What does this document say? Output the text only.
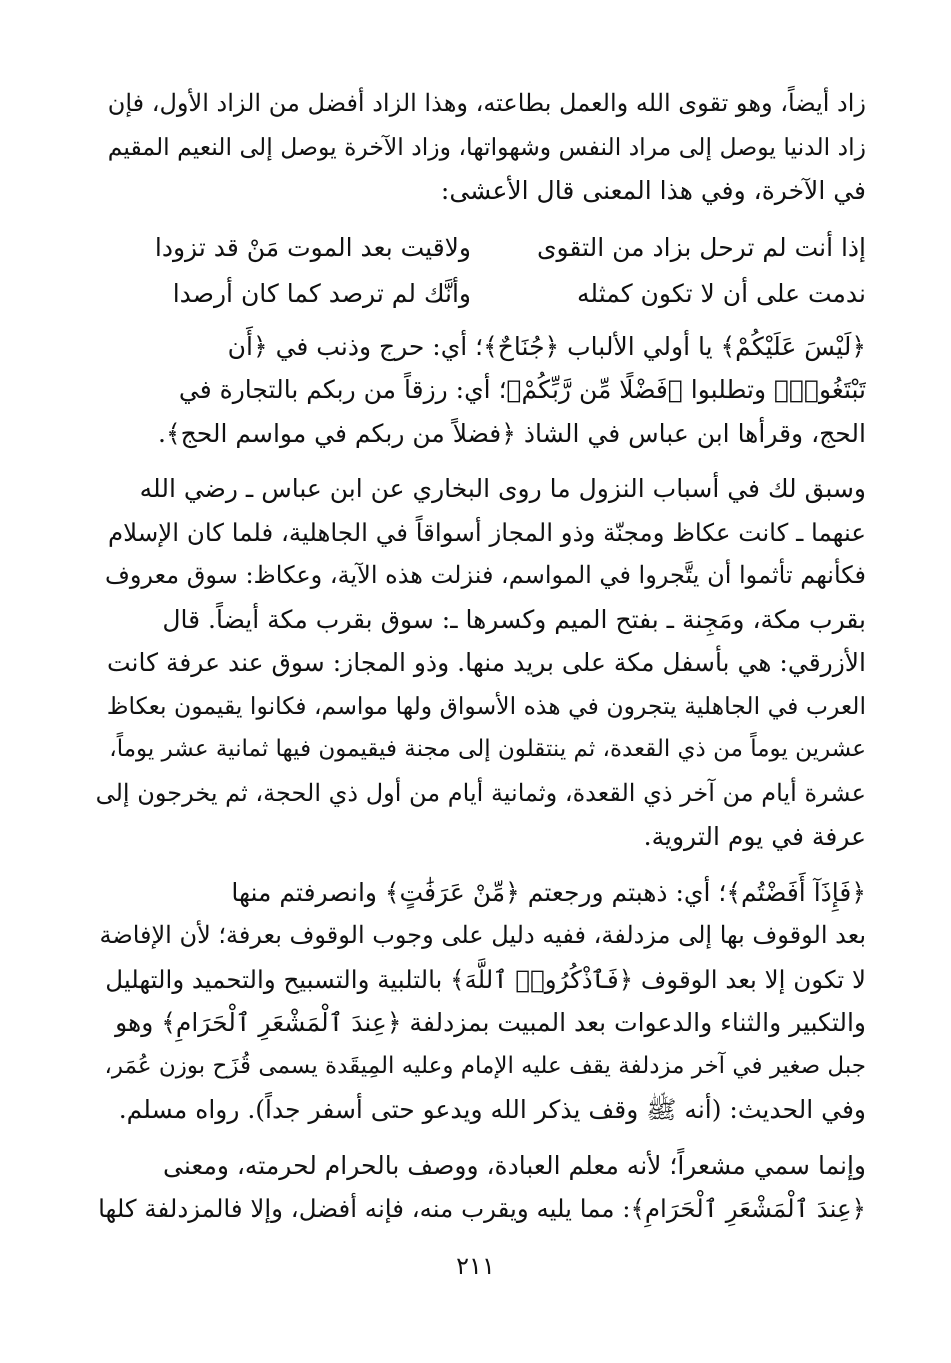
زاد أيضاً، وهو تقوى الله والعمل بطاعته، وهذا الزاد أفضل من الزاد الأول، فإن
زاد الدنيا يوصل إلى مراد النفس وشهواتها، وزاد الآخرة يوصل إلى النعيم المقيم
في الآخرة، وفي هذا المعنى قال الأعشى:

إذا أنت لم ترحل بزاد من التقوى
ولاقيت بعد الموت مَنْ قد تزودا
ندمت على أن لا تكون كمثله
وأنَّك لم ترصد كما كان أرصدا

﴿لَيْسَ عَلَيْكُمْ﴾ يا أولي الألباب ﴿جُنَاحٌ﴾؛ أي: حرج وذنب في ﴿أَن
تَبْتَغُوا۟﴾ وتطلبوا ﴿فَضْلًا مِّن رَّبِّكُمْ﴾؛ أي: رزقاً من ربكم بالتجارة في
الحج، وقرأها ابن عباس في الشاذ ﴿فضلاً من ربكم في مواسم الحج﴾.

وسبق لك في أسباب النزول ما روى البخاري عن ابن عباس ـ رضي الله
عنهما ـ كانت عكاظ ومجنّة وذو المجاز أسواقاً في الجاهلية، فلما كان الإسلام
فكأنهم تأثموا أن يتَّجروا في المواسم، فنزلت هذه الآية، وعكاظ: سوق معروف
بقرب مكة، ومَجِنة ـ بفتح الميم وكسرها ـ: سوق بقرب مكة أيضاً. قال
الأزرقي: هي بأسفل مكة على بريد منها. وذو المجاز: سوق عند عرفة كانت
العرب في الجاهلية يتجرون في هذه الأسواق ولها مواسم، فكانوا يقيمون بعكاظ
عشرين يوماً من ذي القعدة، ثم ينتقلون إلى مجنة فيقيمون فيها ثمانية عشر يوماً،
عشرة أيام من آخر ذي القعدة، وثمانية أيام من أول ذي الحجة، ثم يخرجون إلى
عرفة في يوم التروية.

﴿فَإِذَآ أَفَضْتُم﴾؛ أي: ذهبتم ورجعتم ﴿مِّنْ عَرَفَٰتٍ﴾ وانصرفتم منها
بعد الوقوف بها إلى مزدلفة، ففيه دليل على وجوب الوقوف بعرفة؛ لأن الإفاضة
لا تكون إلا بعد الوقوف ﴿فَٱذْكُرُوا۟ ٱللَّهَ﴾ بالتلبية والتسبيح والتحميد والتهليل
والتكبير والثناء والدعوات بعد المبيت بمزدلفة ﴿عِندَ ٱلْمَشْعَرِ ٱلْحَرَامِ﴾ وهو
جبل صغير في آخر مزدلفة يقف عليه الإمام وعليه المِيقَدة يسمى قُزَح بوزن عُمَر،
وفي الحديث: (أنه ﷺ وقف يذكر الله ويدعو حتى أسفر جداً). رواه مسلم.

وإنما سمي مشعراً؛ لأنه معلم العبادة، ووصف بالحرام لحرمته، ومعنى
﴿عِندَ ٱلْمَشْعَرِ ٱلْحَرَامِ﴾: مما يليه ويقرب منه، فإنه أفضل، وإلا فالمزدلفة كلها

٢١١
